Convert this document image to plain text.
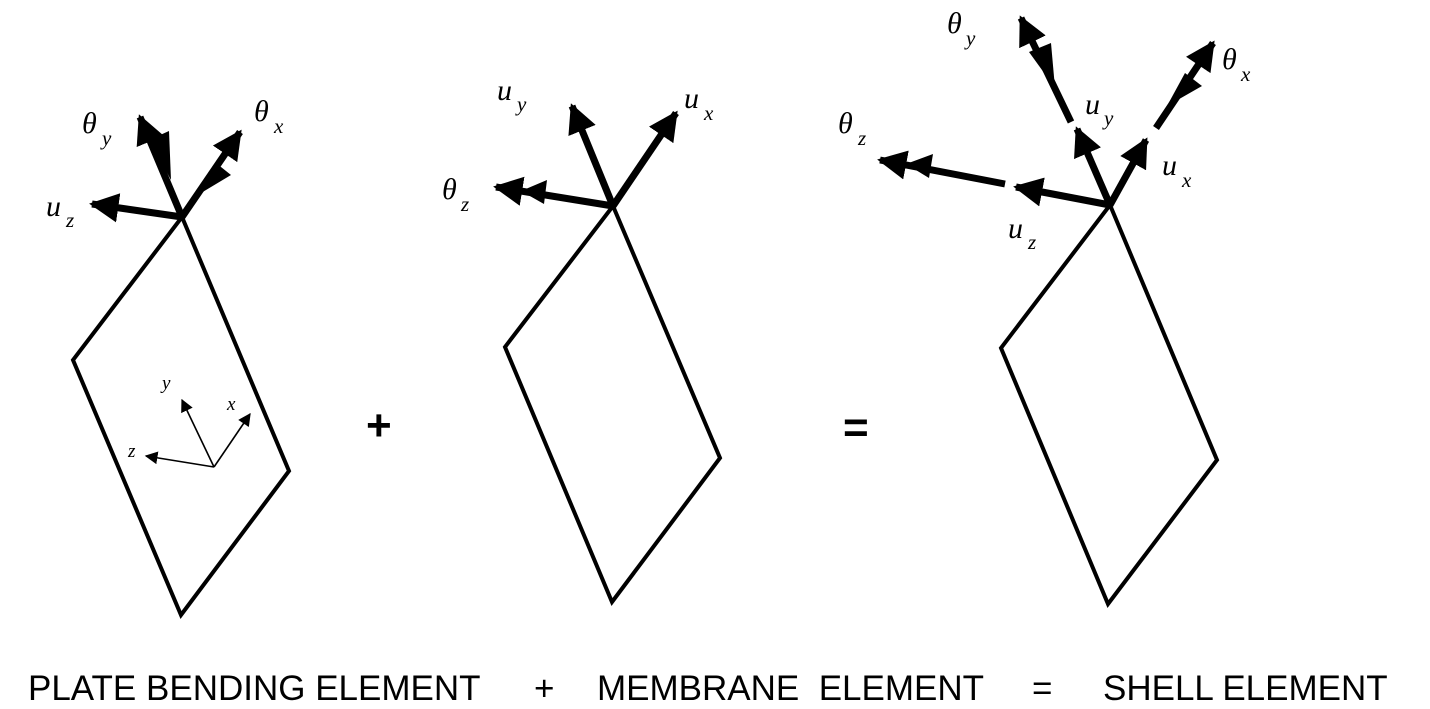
θ y
θ x
u z
y
x
z
+
u y	u x
θ z
=
θ y
θ x
θ z
u y
u x
u z
PLATE BENDING ELEMENT + MEMBRANE  ELEMENT = SHELL ELEMENT
